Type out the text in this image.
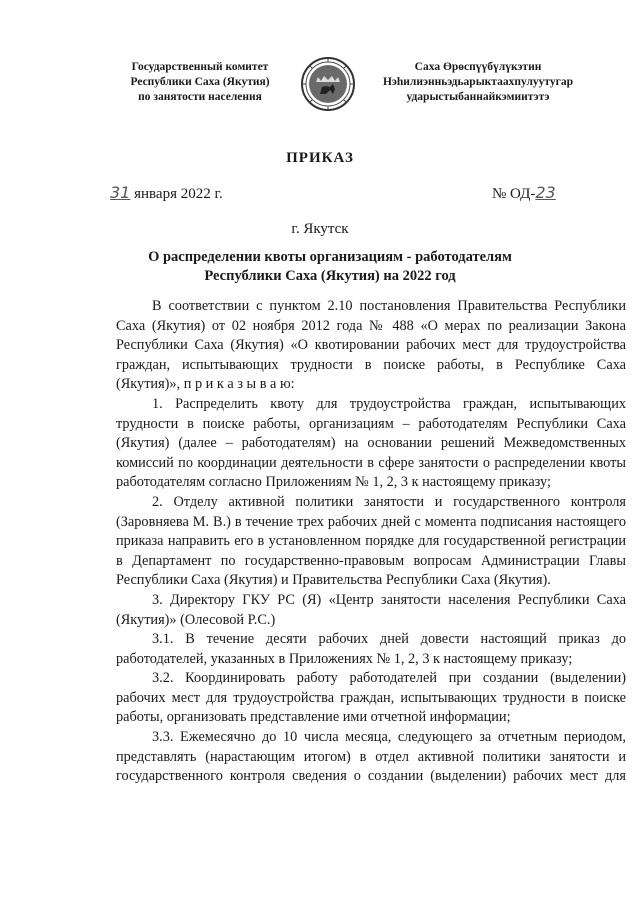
Государственный комитет
Республики Саха (Якутия)
по занятости населения
Саха Өрөспүүбүлүкэтин
Нэһилиэнньэдьарыктаахпулуутугар
ударыстыбаннайкэмиитэтэ
ПРИКАЗ
31 января 2022 г.	№ ОД-23
г. Якутск
О распределении квоты организациям - работодателям
Республики Саха (Якутия) на 2022 год

В соответствии с пунктом 2.10 постановления Правительства Республики Саха (Якутия) от 02 ноября 2012 года № 488 «О мерах по реализации Закона Республики Саха (Якутия) «О квотировании рабочих мест для трудоустройства граждан, испытывающих трудности в поиске работы, в Республике Саха (Якутия)», п р и к а з ы в а ю:

1. Распределить квоту для трудоустройства граждан, испытывающих трудности в поиске работы, организациям – работодателям Республики Саха (Якутия) (далее – работодателям) на основании решений Межведомственных комиссий по координации деятельности в сфере занятости о распределении квоты работодателям согласно Приложениям № 1, 2, 3 к настоящему приказу;

2. Отделу активной политики занятости и государственного контроля (Заровняева М. В.) в течение трех рабочих дней с момента подписания настоящего приказа направить его в установленном порядке для государственной регистрации в Департамент по государственно-правовым вопросам Администрации Главы Республики Саха (Якутия) и Правительства Республики Саха (Якутия).

3. Директору ГКУ РС (Я) «Центр занятости населения Республики Саха (Якутия)» (Олесовой Р.С.)

3.1. В течение десяти рабочих дней довести настоящий приказ до работодателей, указанных в Приложениях № 1, 2, 3 к настоящему приказу;

3.2. Координировать работу работодателей при создании (выделении) рабочих мест для трудоустройства граждан, испытывающих трудности в поиске работы, организовать представление ими отчетной информации;

3.3. Ежемесячно до 10 числа месяца, следующего за отчетным периодом, представлять (нарастающим итогом) в отдел активной политики занятости и государственного контроля сведения о создании (выделении) рабочих мест для
